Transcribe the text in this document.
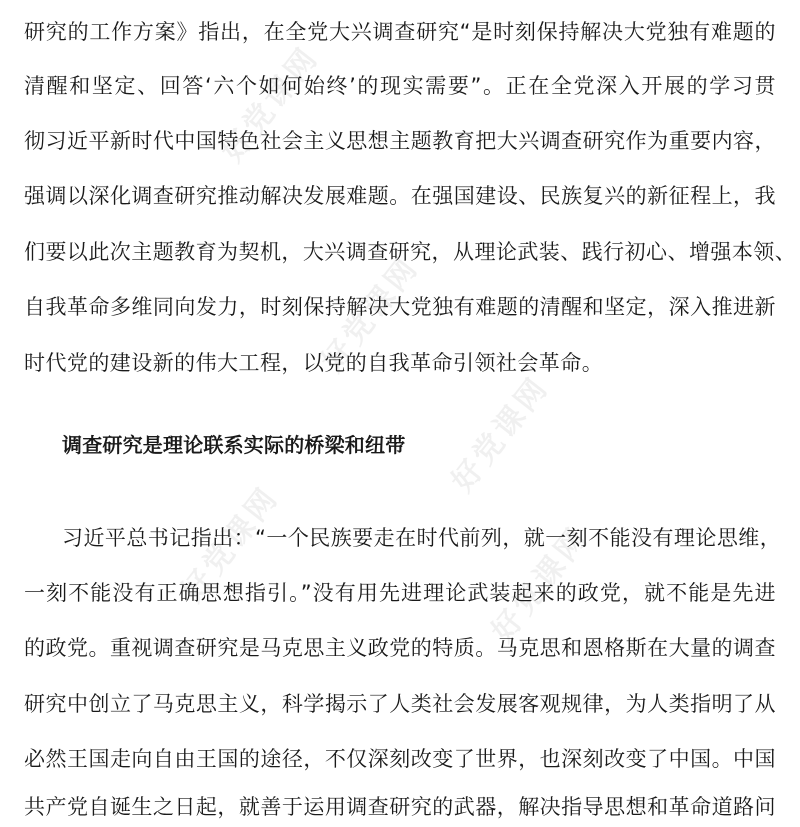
好党课网
好党课网
好党课网
好党课网	好党课网
研究的工作方案》指出，在全党大兴调查研究“是时刻保持解决大党独有难题的
清醒和坚定、回答‘六个如何始终’的现实需要”。正在全党深入开展的学习贯
彻习近平新时代中国特色社会主义思想主题教育把大兴调查研究作为重要内容，
强调以深化调查研究推动解决发展难题。在强国建设、民族复兴的新征程上，我
们要以此次主题教育为契机，大兴调查研究，从理论武装、践行初心、增强本领、
自我革命多维同向发力，时刻保持解决大党独有难题的清醒和坚定，深入推进新
时代党的建设新的伟大工程，以党的自我革命引领社会革命。
调查研究是理论联系实际的桥梁和纽带
习近平总书记指出：“一个民族要走在时代前列，就一刻不能没有理论思维，
一刻不能没有正确思想指引。”没有用先进理论武装起来的政党，就不能是先进
的政党。重视调查研究是马克思主义政党的特质。马克思和恩格斯在大量的调查
研究中创立了马克思主义，科学揭示了人类社会发展客观规律，为人类指明了从
必然王国走向自由王国的途径，不仅深刻改变了世界，也深刻改变了中国。中国
共产党自诞生之日起，就善于运用调查研究的武器，解决指导思想和革命道路问
